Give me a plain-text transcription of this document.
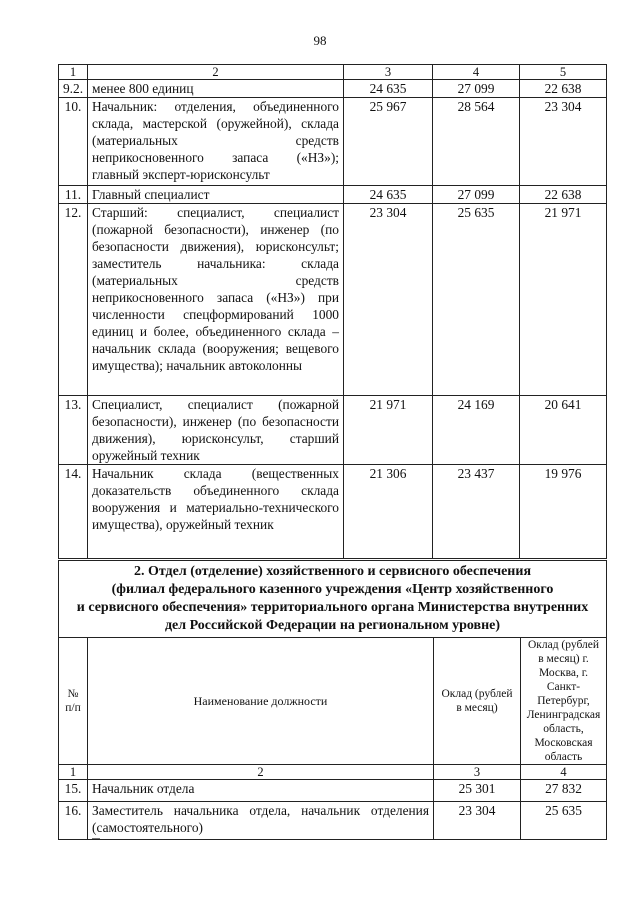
98
1	2	3	4	5
9.2.	менее 800 единиц	24 635	27 099	22 638
10.	Начальник: отделения, объединенного склада, мастерской (оружейной), склада (материальных средств неприкосновенного запаса («НЗ»); главный эксперт-юрисконсульт	25 967	28 564	23 304
11.	Главный специалист	24 635	27 099	22 638
12.	Старший: специалист, специалист (пожарной безопасности), инженер (по безопасности движения), юрисконсульт; заместитель начальника: склада (материальных средств неприкосновенного запаса («НЗ») при численности спецформирований 1000 единиц и более, объединенного склада – начальник склада (вооружения; вещевого имущества); начальник автоколонны	23 304	25 635	21 971
13.	Специалист, специалист (пожарной безопасности), инженер (по безопасности движения), юрисконсульт, старший оружейный техник	21 971	24 169	20 641
14.	Начальник склада (вещественных доказательств объединенного склада вооружения и материально-технического имущества), оружейный техник	21 306	23 437	19 976
2. Отдел (отделение) хозяйственного и сервисного обеспечения
(филиал федерального казенного учреждения «Центр хозяйственного
и сервисного обеспечения» территориального органа Министерства внутренних
дел Российской Федерации на региональном уровне)			

№ п/п	Наименование должности	Оклад (рублей в месяц)	Оклад (рублей в месяц) г. Москва, г. Санкт-Петербург, Ленинградская область, Московская область
1	2	3	4
15.	Начальник отдела	25 301	27 832
16.	Заместитель начальника отдела, начальник отделения (самостоятельного)	23 304	25 635
